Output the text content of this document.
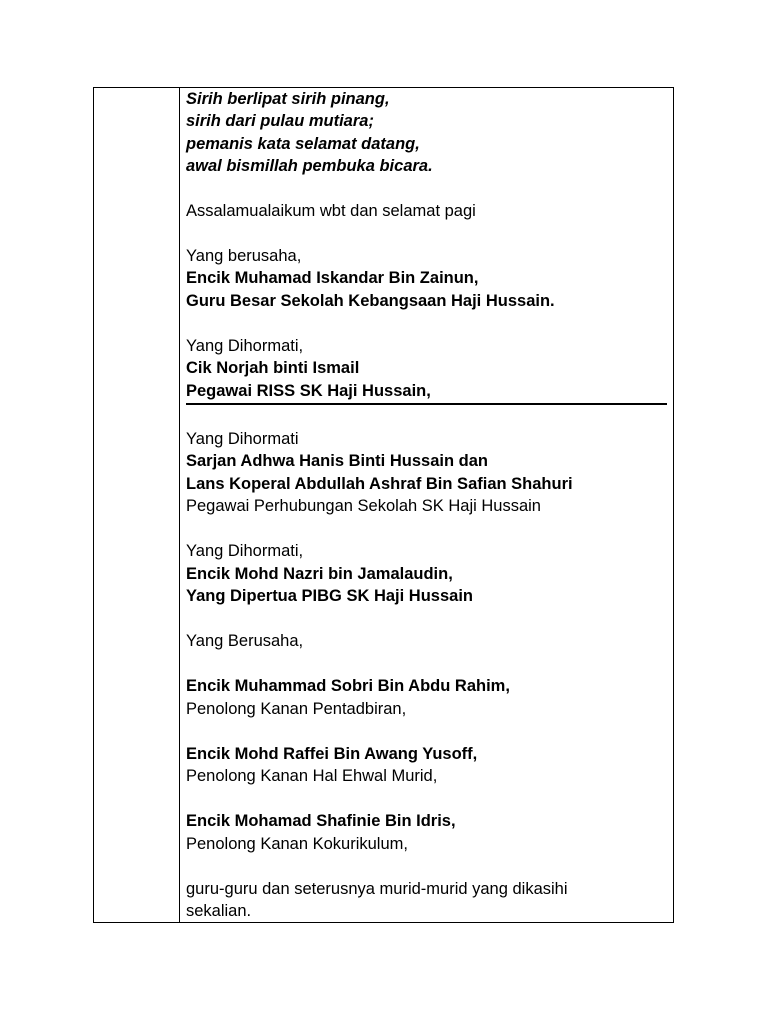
Sirih berlipat sirih pinang,
sirih dari pulau mutiara;
pemanis kata selamat datang,
awal bismillah pembuka bicara.
Assalamualaikum wbt dan selamat pagi
Yang berusaha,
Encik Muhamad Iskandar Bin Zainun,
Guru Besar Sekolah Kebangsaan Haji Hussain.
Yang Dihormati,
Cik Norjah binti Ismail
Pegawai RISS SK Haji Hussain,
Yang Dihormati
Sarjan Adhwa Hanis Binti Hussain dan
Lans Koperal Abdullah Ashraf Bin Safian Shahuri
Pegawai Perhubungan Sekolah SK Haji Hussain
Yang Dihormati,
Encik Mohd Nazri bin Jamalaudin,
Yang Dipertua PIBG SK Haji Hussain
Yang Berusaha,
Encik Muhammad Sobri Bin Abdu Rahim,
Penolong Kanan Pentadbiran,
Encik Mohd Raffei Bin Awang Yusoff,
Penolong Kanan Hal Ehwal Murid,
Encik Mohamad Shafinie Bin Idris,
Penolong Kanan Kokurikulum,
guru-guru dan seterusnya murid-murid yang dikasihi
sekalian.
